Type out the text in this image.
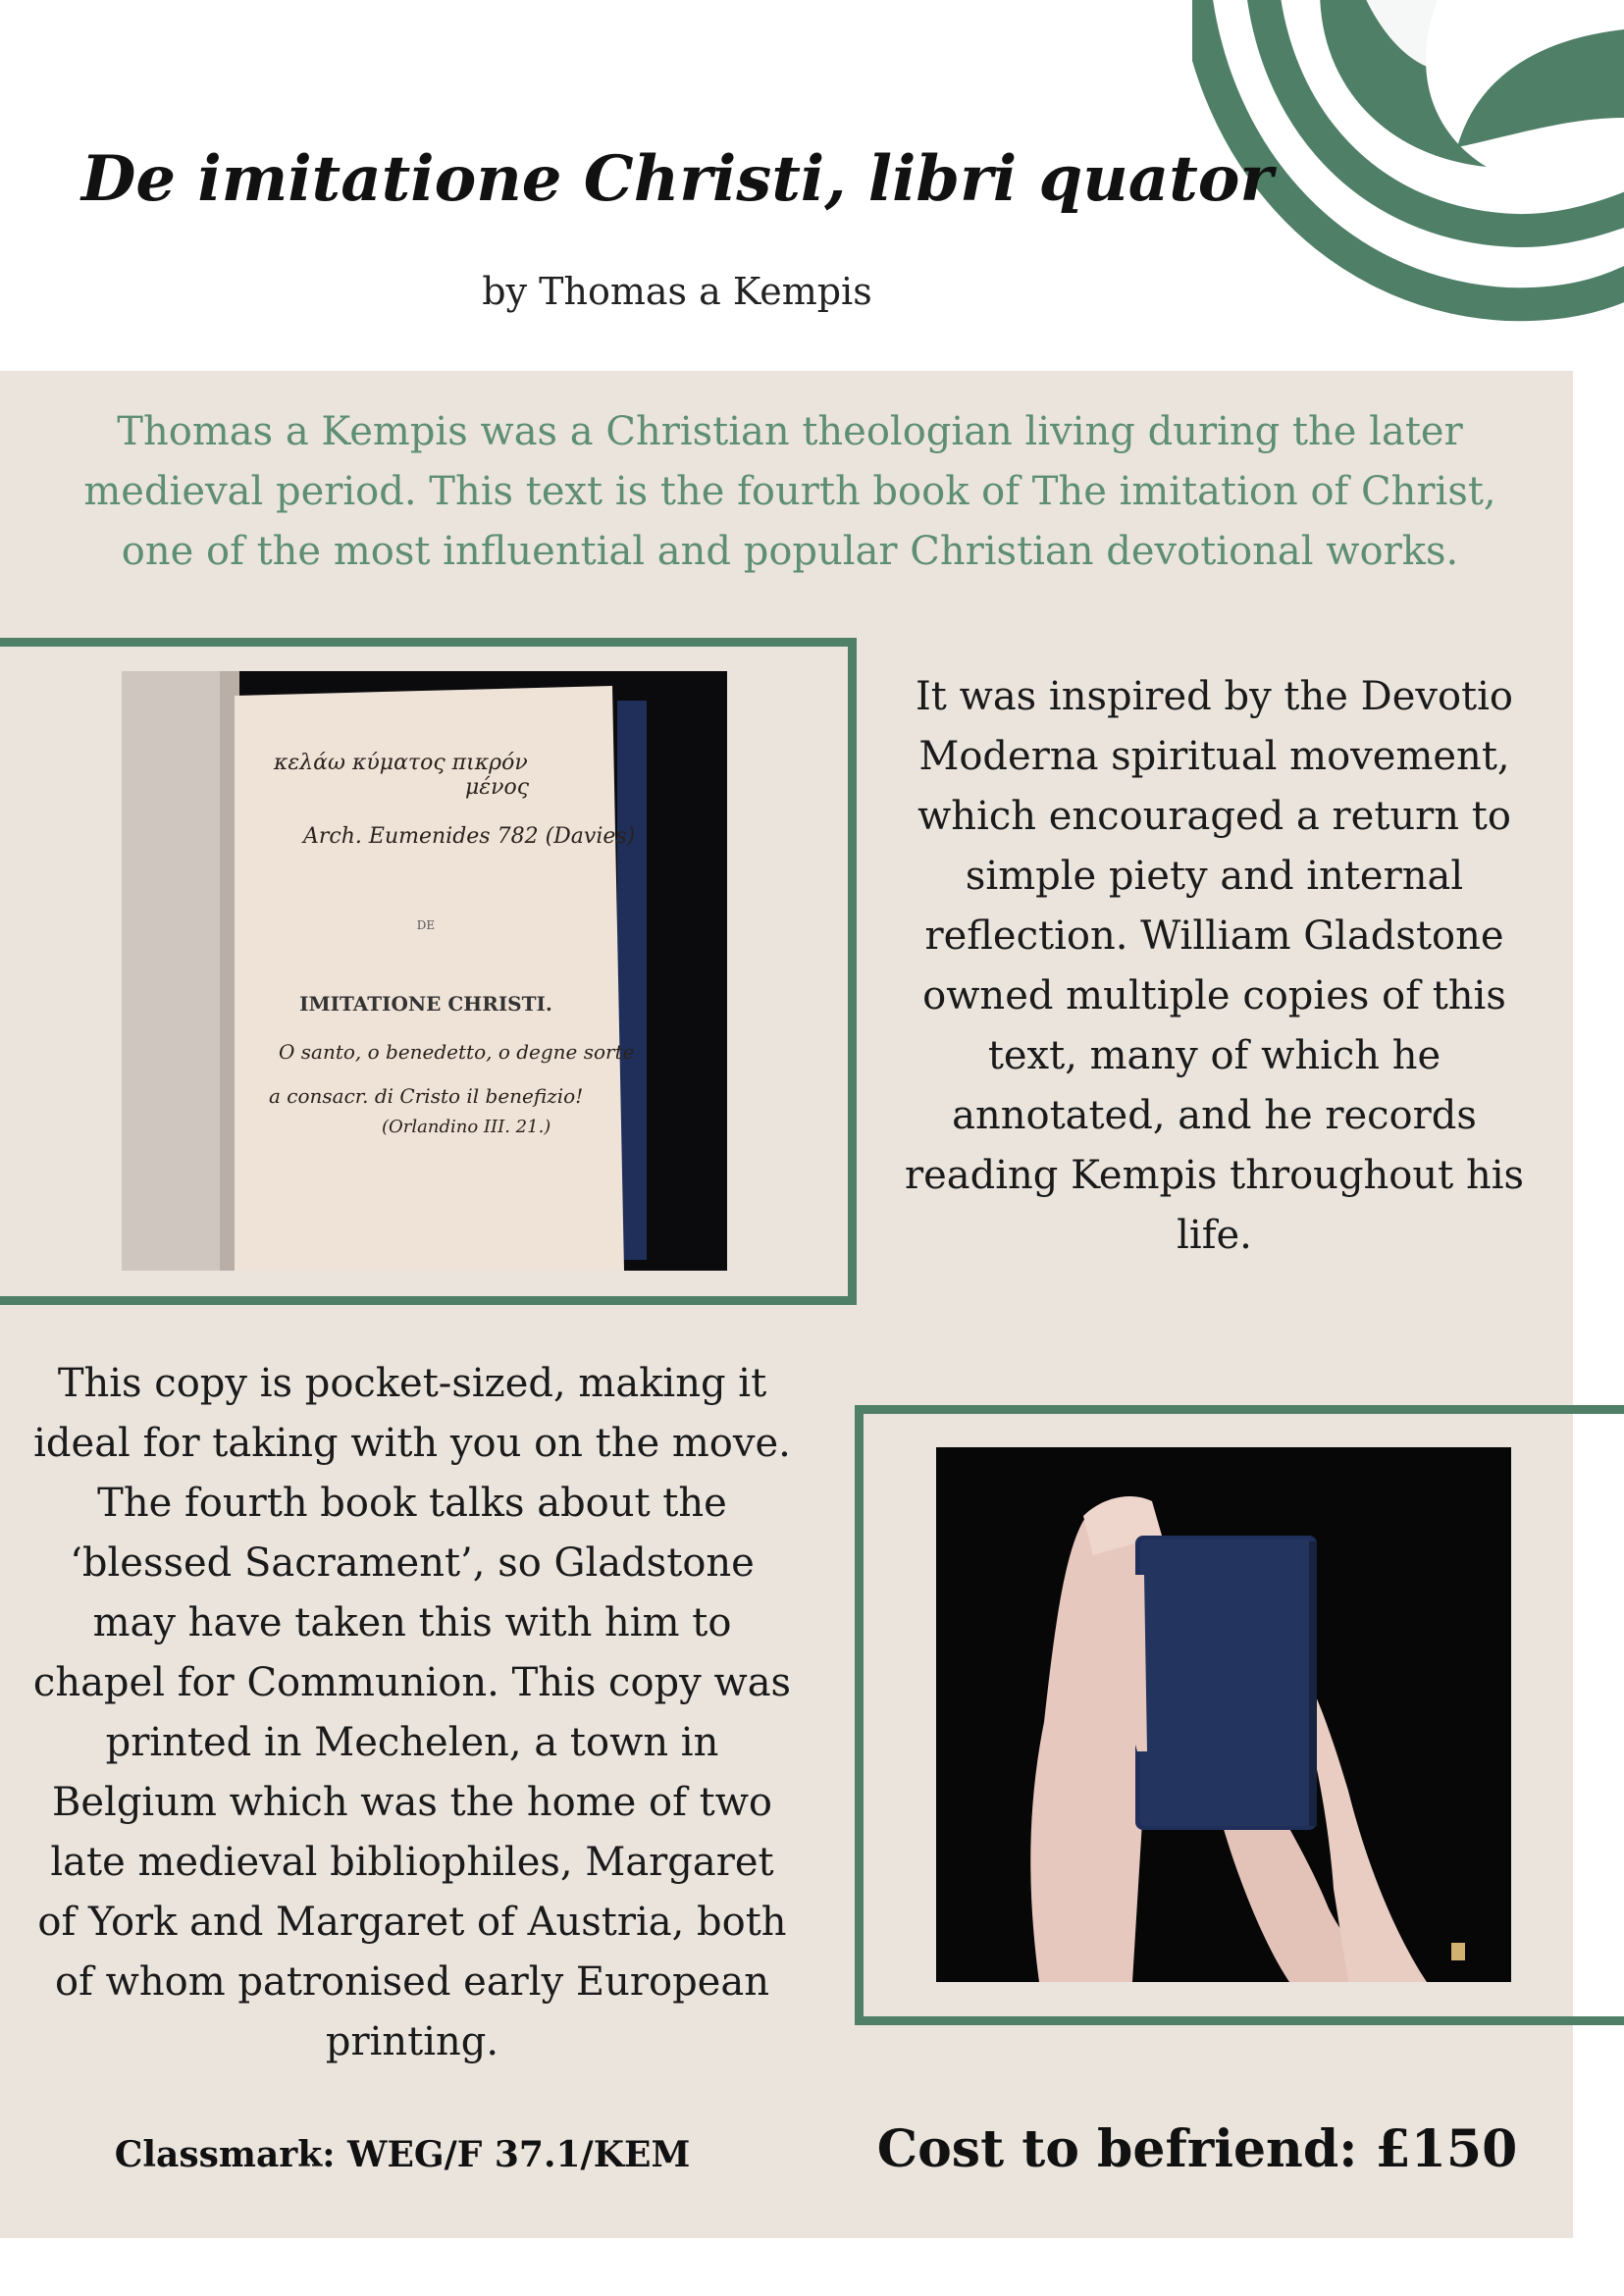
De imitatione Christi, libri quator
by Thomas a Kempis
Thomas a Kempis was a Christian theologian living during the later medieval period. This text is the fourth book of The imitation of Christ, one of the most influential and popular Christian devotional works.
DE
IMITATIONE CHRISTI.
κελάω κύματος πικρόν
μένος
Arch. Eumenides 782 (Davies)
O santo, o benedetto, o degne sorte
a consacr. di Cristo il benefizio!
(Orlandino III. 21.)
It was inspired by the Devotio Moderna spiritual movement, which encouraged a return to simple piety and internal reflection. William Gladstone owned multiple copies of this text, many of which he annotated, and he records reading Kempis throughout his life.
This copy is pocket-sized, making it ideal for taking with you on the move. The fourth book talks about the ‘blessed Sacrament’, so Gladstone may have taken this with him to chapel for Communion. This copy was printed in Mechelen, a town in Belgium which was the home of two late medieval bibliophiles, Margaret of York and Margaret of Austria, both of whom patronised early European printing.
Classmark: WEG/F 37.1/KEM	Cost to befriend: £150
